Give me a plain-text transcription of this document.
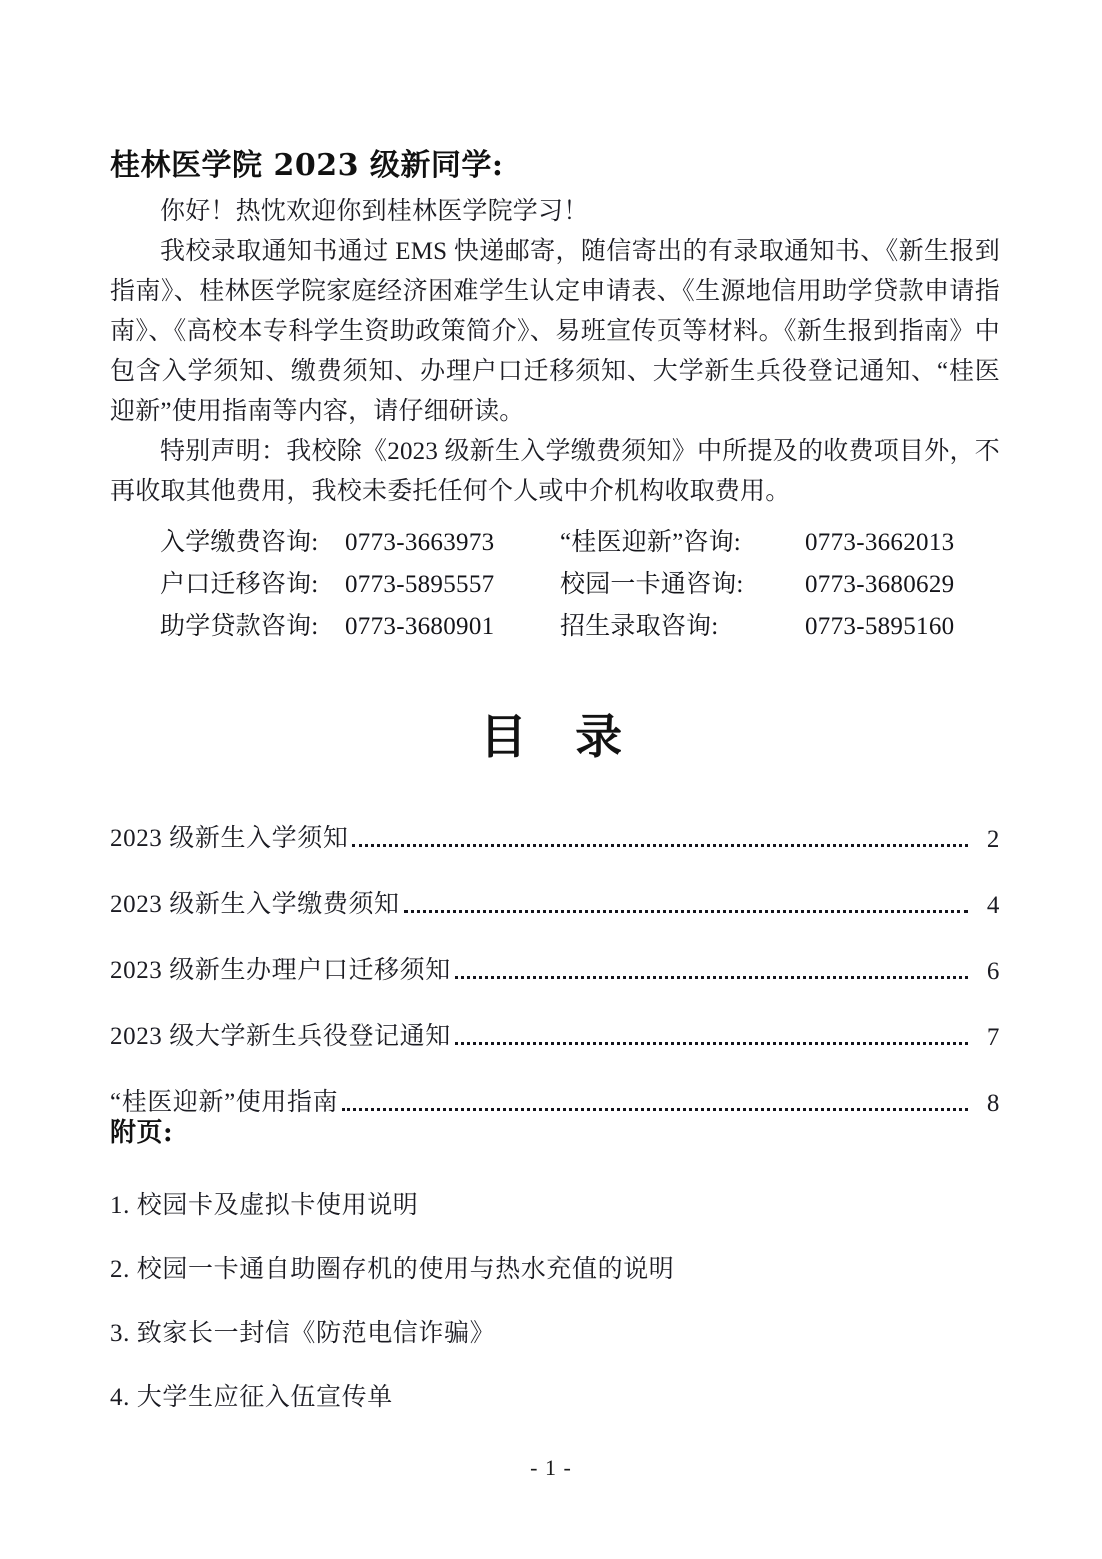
桂林医学院 2023 级新同学:

你好！热忱欢迎你到桂林医学院学习！

我校录取通知书通过 EMS 快递邮寄，随信寄出的有录取通知书、《新生报到指南》、桂林医学院家庭经济困难学生认定申请表、《生源地信用助学贷款申请指南》、《高校本专科学生资助政策简介》、易班宣传页等材料。《新生报到指南》中包含入学须知、缴费须知、办理户口迁移须知、大学新生兵役登记通知、“桂医迎新”使用指南等内容，请仔细研读。

特别声明：我校除《2023 级新生入学缴费须知》中所提及的收费项目外，不再收取其他费用，我校未委托任何个人或中介机构收取费用。

入学缴费咨询:	0773-3663973	“桂医迎新”咨询:	0773-3662013
户口迁移咨询:	0773-5895557	校园一卡通咨询:	0773-3680629
助学贷款咨询:	0773-3680901	招生录取咨询:	0773-5895160
目 录
2023 级新生入学须知	2
2023 级新生入学缴费须知	4
2023 级新生办理户口迁移须知	6
2023 级大学新生兵役登记通知	7
“桂医迎新”使用指南	8
附页:
1. 校园卡及虚拟卡使用说明
2. 校园一卡通自助圈存机的使用与热水充值的说明
3. 致家长一封信《防范电信诈骗》
4. 大学生应征入伍宣传单
- 1 -
